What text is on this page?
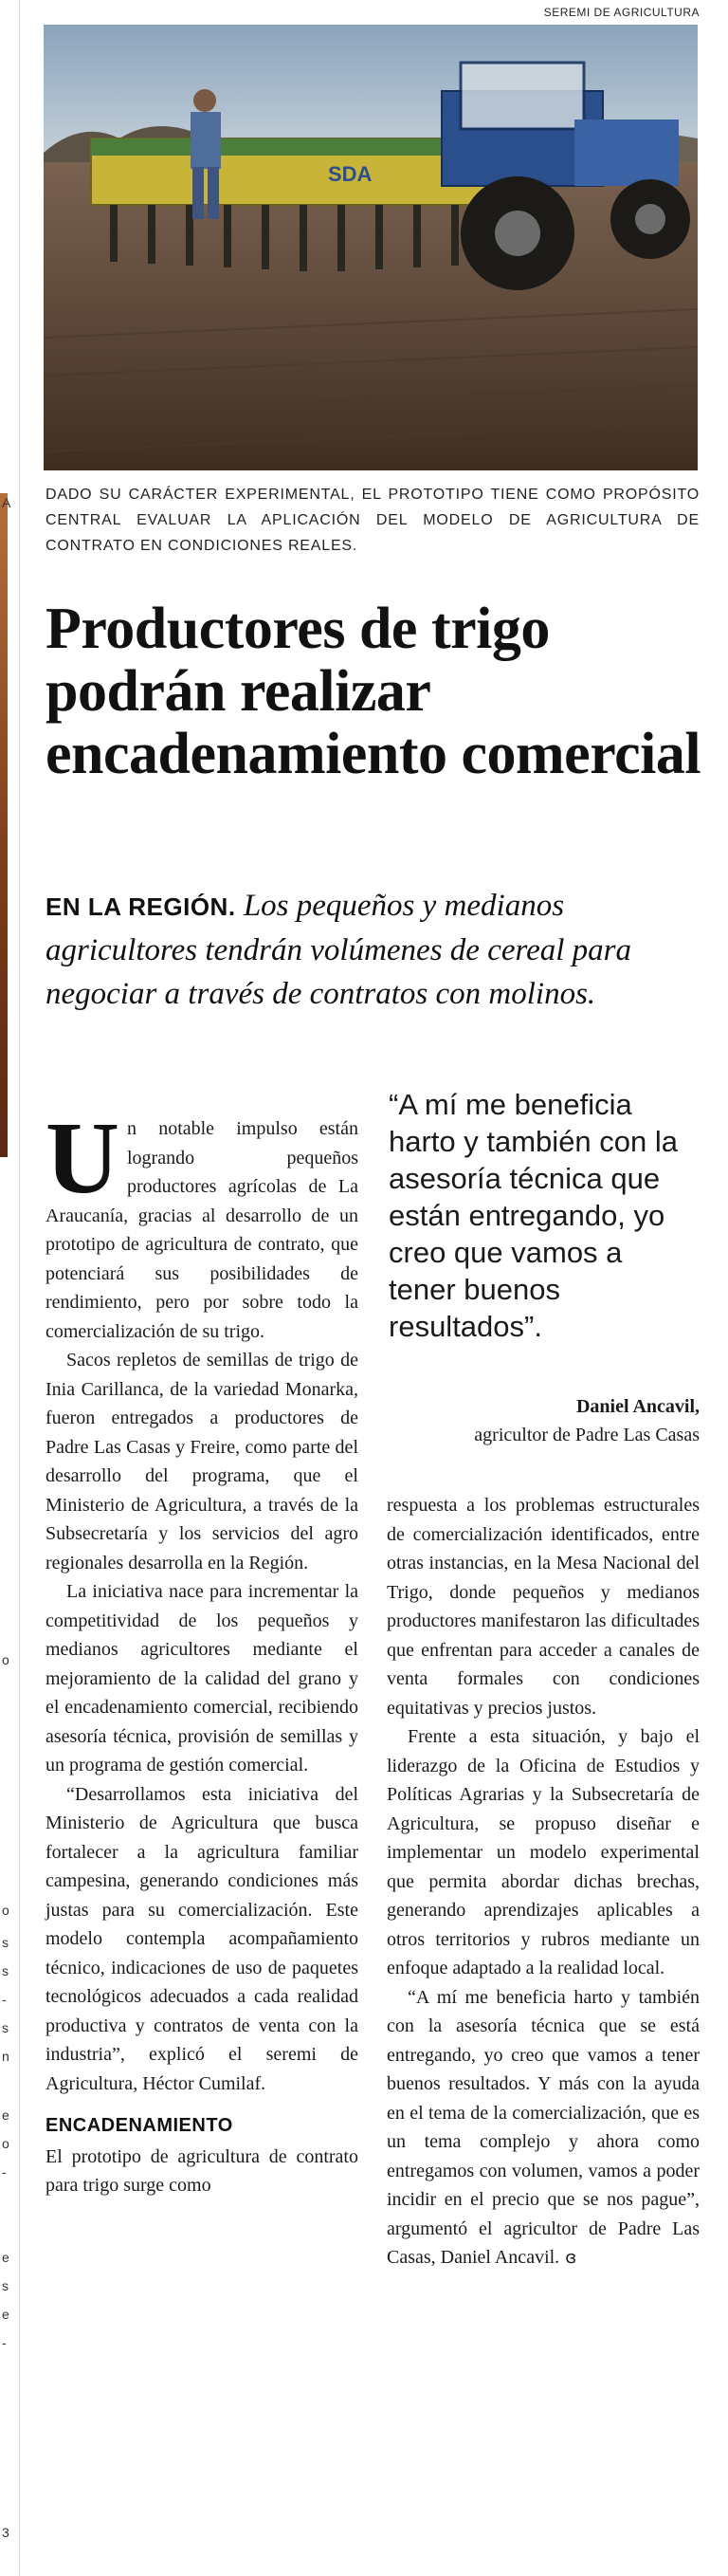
A
o
o
s
s
-
s
n
e
o
-
e
s
e
-
3
SEREMI DE AGRICULTURA
SDA
DADO SU CARÁCTER EXPERIMENTAL, EL PROTOTIPO TIENE COMO PROPÓSITO CENTRAL EVALUAR LA APLICACIÓN DEL MODELO DE AGRICULTURA DE CONTRATO EN CONDICIONES REALES.
Productores de trigo podrán realizar encadenamiento comercial
EN LA REGIÓN. Los pequeños y medianos agricultores tendrán volúmenes de cereal para negociar a través de contratos con molinos.

Un notable impulso están logrando pequeños productores agrícolas de La Araucanía, gracias al desarrollo de un prototipo de agricultura de contrato, que potenciará sus posibilidades de rendimiento, pero por sobre todo la comercialización de su trigo.

Sacos repletos de semillas de trigo de Inia Carillanca, de la variedad Monarka, fueron entregados a productores de Padre Las Casas y Freire, como parte del desarrollo del programa, que el Ministerio de Agricultura, a través de la Subsecretaría y los servicios del agro regionales desarrolla en la Región.

La iniciativa nace para incrementar la competitividad de los pequeños y medianos agricultores mediante el mejoramiento de la calidad del grano y el encadenamiento comercial, recibiendo asesoría técnica, provisión de semillas y un programa de gestión comercial.

“Desarrollamos esta iniciativa del Ministerio de Agricultura que busca fortalecer a la agricultura familiar campesina, generando condiciones más justas para su comercialización. Este modelo contempla acompañamiento técnico, indicaciones de uso de paquetes tecnológicos adecuados a cada realidad productiva y contratos de venta con la industria”, explicó el seremi de Agricultura, Héctor Cumilaf.

ENCADENAMIENTO

El prototipo de agricultura de contrato para trigo surge como

“A mí me beneficia harto y también con la asesoría técnica que están entregando, yo creo que vamos a tener buenos resultados”.
Daniel Ancavil,
agricultor de Padre Las Casas

respuesta a los problemas estructurales de comercialización identificados, entre otras instancias, en la Mesa Nacional del Trigo, donde pequeños y medianos productores manifestaron las dificultades que enfrentan para acceder a canales de venta formales con condiciones equitativas y precios justos.

Frente a esta situación, y bajo el liderazgo de la Oficina de Estudios y Políticas Agrarias y la Subsecretaría de Agricultura, se propuso diseñar e implementar un modelo experimental que permita abordar dichas brechas, generando aprendizajes aplicables a otros territorios y rubros mediante un enfoque adaptado a la realidad local.

“A mí me beneficia harto y también con la asesoría técnica que se está entregando, yo creo que vamos a tener buenos resultados. Y más con la ayuda en el tema de la comercialización, que es un tema complejo y ahora como entregamos con volumen, vamos a poder incidir en el precio que se nos pague”, argumentó el agricultor de Padre Las Casas, Daniel Ancavil. ɞ
